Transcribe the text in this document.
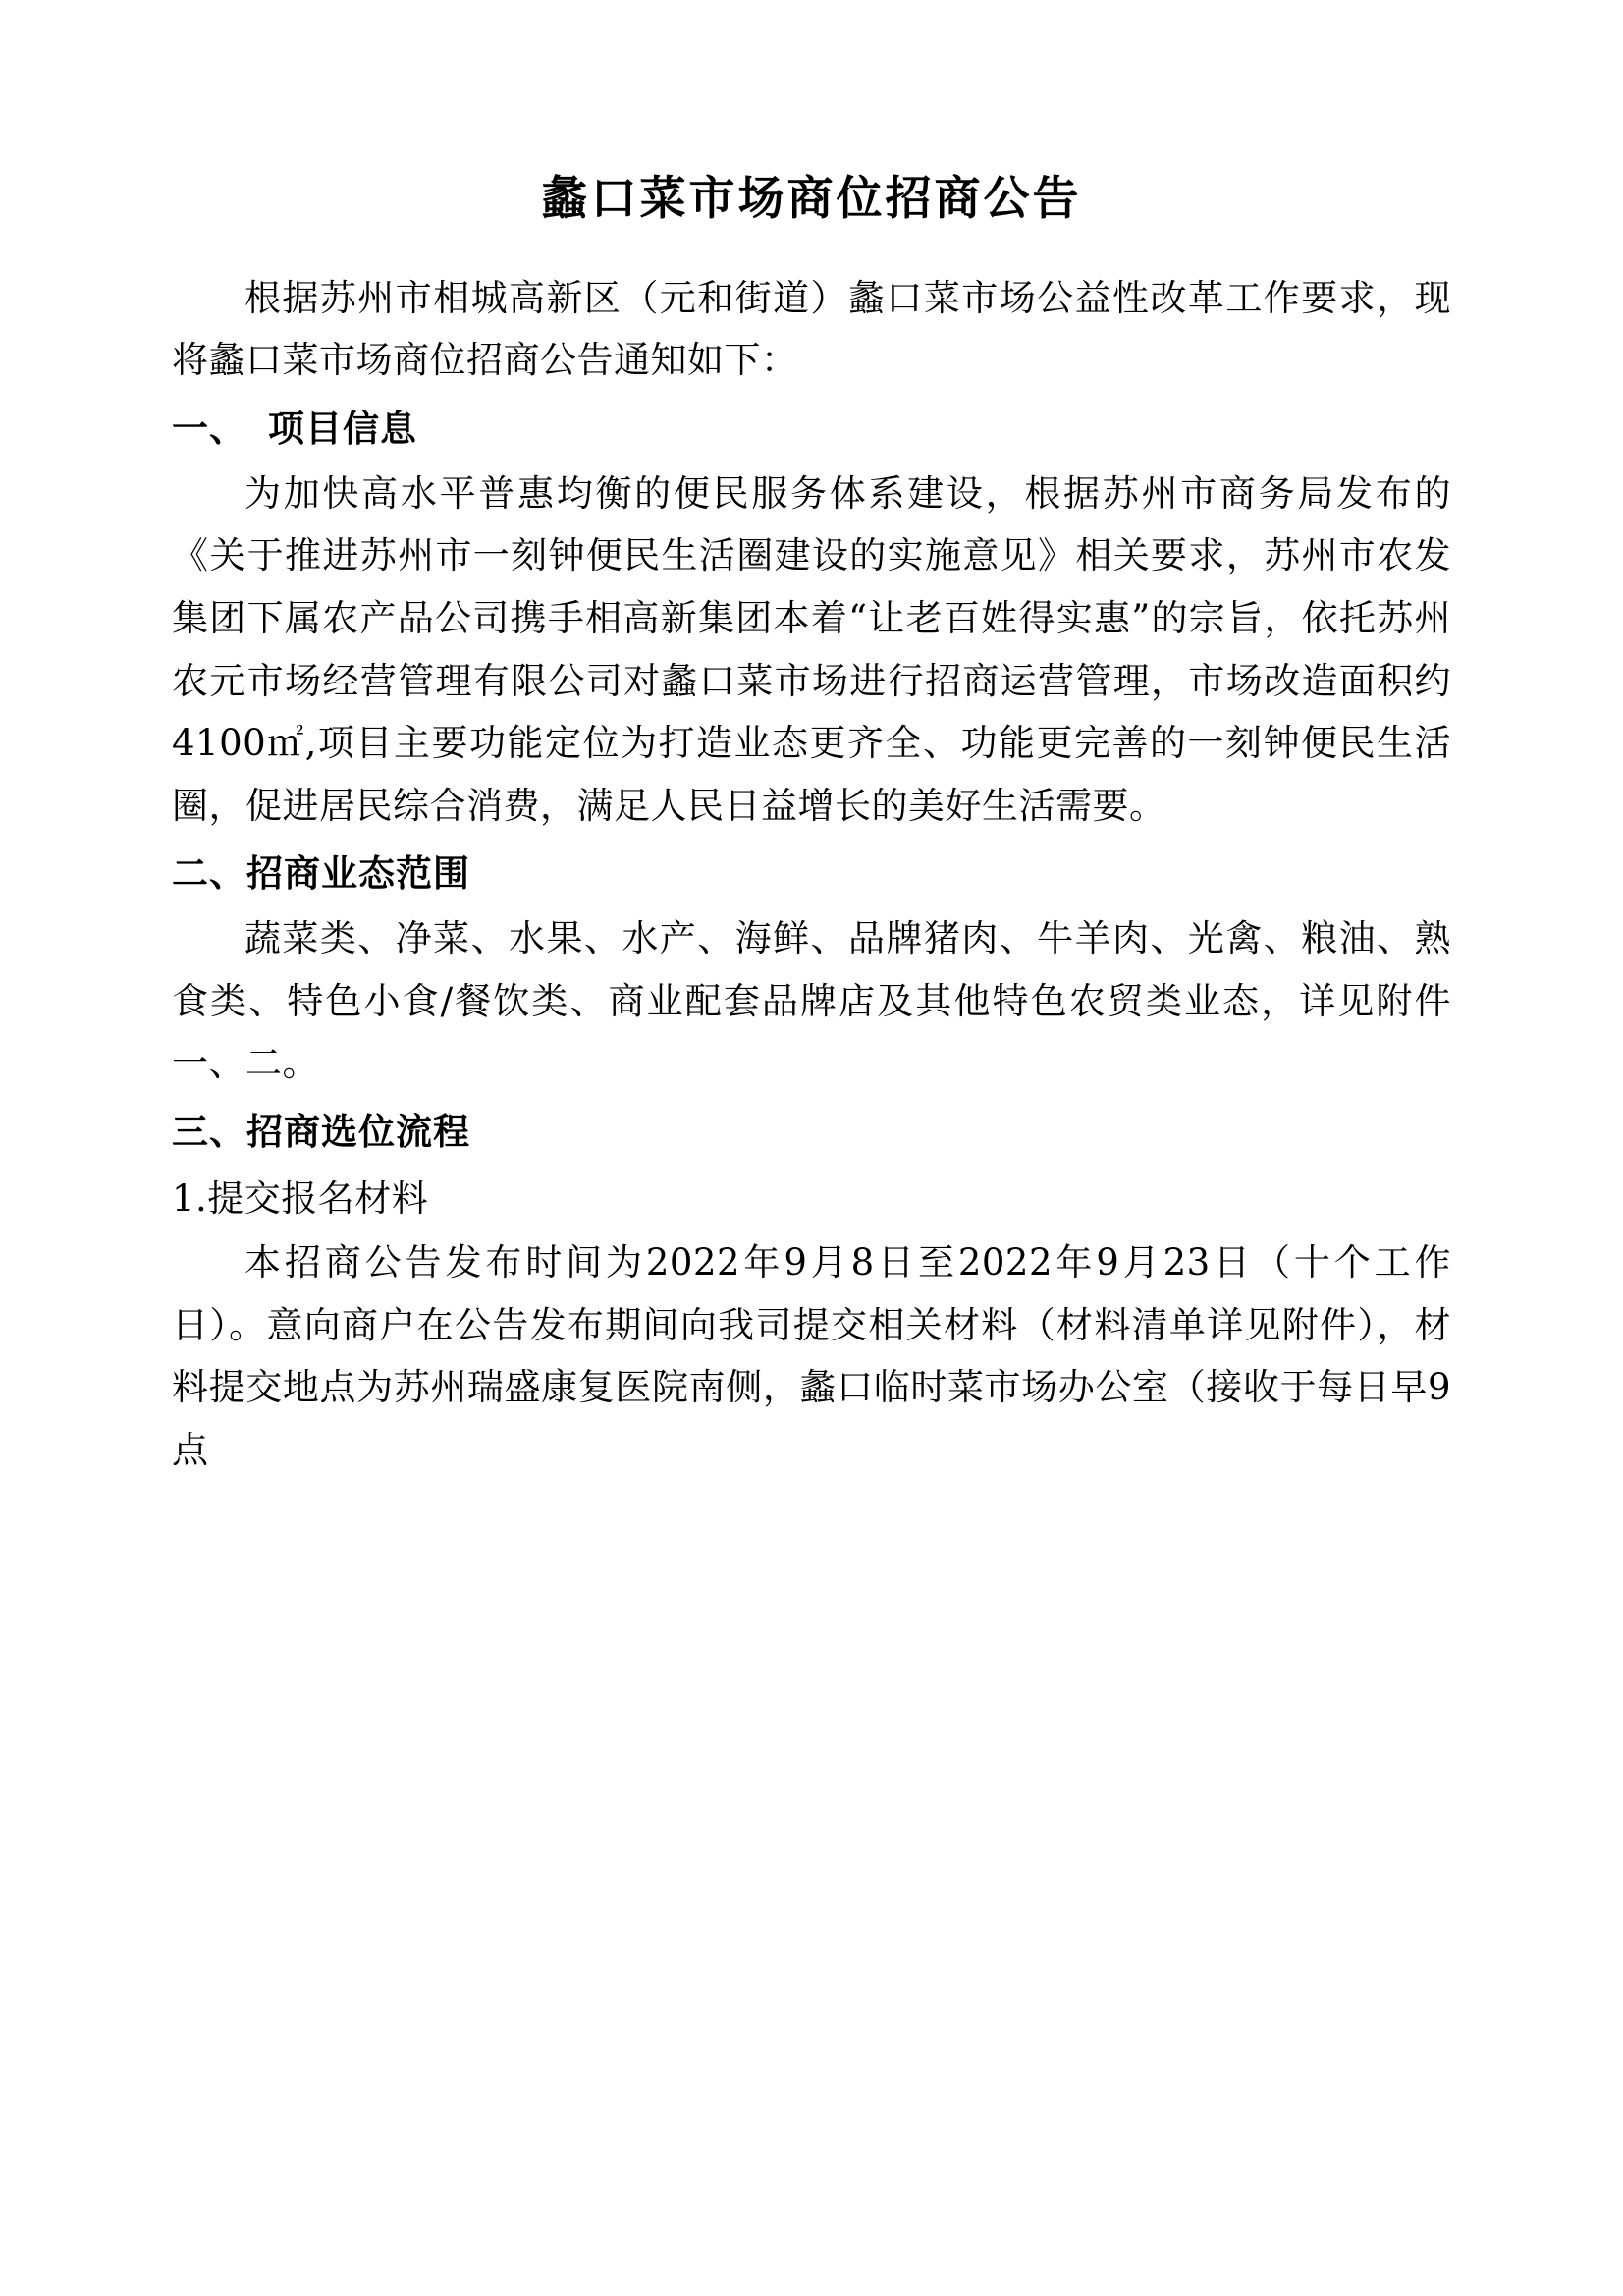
蠡口菜市场商位招商公告

根据苏州市相城高新区（元和街道）蠡口菜市场公益性改革工作要求，现将蠡口菜市场商位招商公告通知如下：

一、 项目信息

为加快高水平普惠均衡的便民服务体系建设，根据苏州市商务局发布的《关于推进苏州市一刻钟便民生活圈建设的实施意见》相关要求，苏州市农发集团下属农产品公司携手相高新集团本着“让老百姓得实惠”的宗旨，依托苏州农元市场经营管理有限公司对蠡口菜市场进行招商运营管理，市场改造面积约4100㎡,项目主要功能定位为打造业态更齐全、功能更完善的一刻钟便民生活圈，促进居民综合消费，满足人民日益增长的美好生活需要。

二、招商业态范围

蔬菜类、净菜、水果、水产、海鲜、品牌猪肉、牛羊肉、光禽、粮油、熟食类、特色小食/餐饮类、商业配套品牌店及其他特色农贸类业态，详见附件一、二。

三、招商选位流程
1.提交报名材料

本招商公告发布时间为2022年9月8日至2022年9月23日（十个工作日）。意向商户在公告发布期间向我司提交相关材料（材料清单详见附件），材料提交地点为苏州瑞盛康复医院南侧，蠡口临时菜市场办公室（接收于每日早9点
